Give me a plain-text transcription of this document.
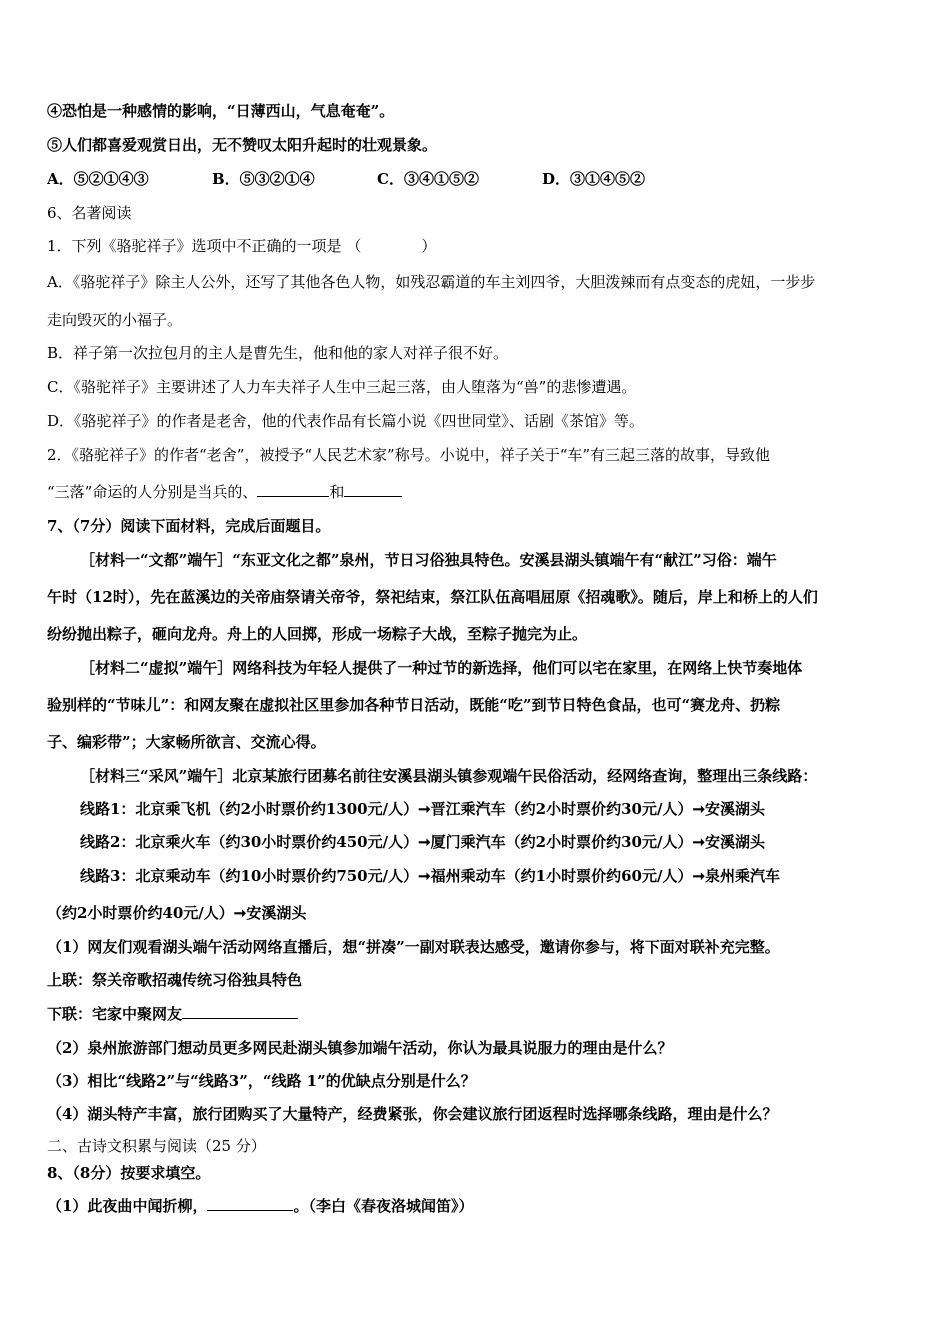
④恐怕是一种感情的影响，“日薄西山，气息奄奄”。
⑤人们都喜爱观赏日出，无不赞叹太阳升起时的壮观景象。
A．⑤②①④③	B．⑤③②①④	C．③④①⑤②	D．③①④⑤②
6、名著阅读
1．下列《骆驼祥子》选项中不正确的一项是 （　　　　）
A．《骆驼祥子》除主人公外，还写了其他各色人物，如残忍霸道的车主刘四爷，大胆泼辣而有点变态的虎妞，一步步
走向毁灭的小福子。
B．祥子第一次拉包月的主人是曹先生，他和他的家人对祥子很不好。
C．《骆驼祥子》主要讲述了人力车夫祥子人生中三起三落，由人堕落为“兽”的悲惨遭遇。
D．《骆驼祥子》的作者是老舍，他的代表作品有长篇小说《四世同堂》、话剧《茶馆》等。
2．《骆驼祥子》的作者“老舍”，被授予“人民艺术家”称号。小说中，祥子关于“车”有三起三落的故事，导致他
“三落”命运的人分别是当兵的、	和
7、（7分）阅读下面材料，完成后面题目。
［材料一“文都”端午］“东亚文化之都”泉州，节日习俗独具特色。安溪县湖头镇端午有“献江”习俗：端午
午时（12时），先在蓝溪边的关帝庙祭请关帝爷，祭祀结束，祭江队伍高唱屈原《招魂歌》。随后，岸上和桥上的人们
纷纷抛出粽子，砸向龙舟。舟上的人回掷，形成一场粽子大战，至粽子抛完为止。
［材料二“虚拟”端午］网络科技为年轻人提供了一种过节的新选择，他们可以宅在家里，在网络上快节奏地体
验别样的“节味儿”：和网友聚在虚拟社区里参加各种节日活动，既能“吃”到节日特色食品，也可“赛龙舟、扔粽
子、编彩带”；大家畅所欲言、交流心得。
［材料三“采风”端午］北京某旅行团募名前往安溪县湖头镇参观端午民俗活动，经网络查询，整理出三条线路：
线路1：北京乘飞机（约2小时票价约1300元/人）➞晋江乘汽车（约2小时票价约30元/人）➞安溪湖头
线路2：北京乘火车（约30小时票价约450元/人）➞厦门乘汽车（约2小时票价约30元/人）➞安溪湖头
线路3：北京乘动车（约10小时票价约750元/人）➞福州乘动车（约1小时票价约60元/人）➞泉州乘汽车
（约2小时票价约40元/人）➞安溪湖头
（1）网友们观看湖头端午活动网络直播后，想“拼凑”一副对联表达感受，邀请你参与，将下面对联补充完整。
上联：祭关帝歌招魂传统习俗独具特色
下联：宅家中聚网友
（2）泉州旅游部门想动员更多网民赴湖头镇参加端午活动，你认为最具说服力的理由是什么？
（3）相比“线路2”与“线路3”，“线路 1”的优缺点分别是什么？
（4）湖头特产丰富，旅行团购买了大量特产，经费紧张，你会建议旅行团返程时选择哪条线路，理由是什么？
二、古诗文积累与阅读（25 分）
8、（8分）按要求填空。
（1）此夜曲中闻折柳，	。（李白《春夜洛城闻笛》）
